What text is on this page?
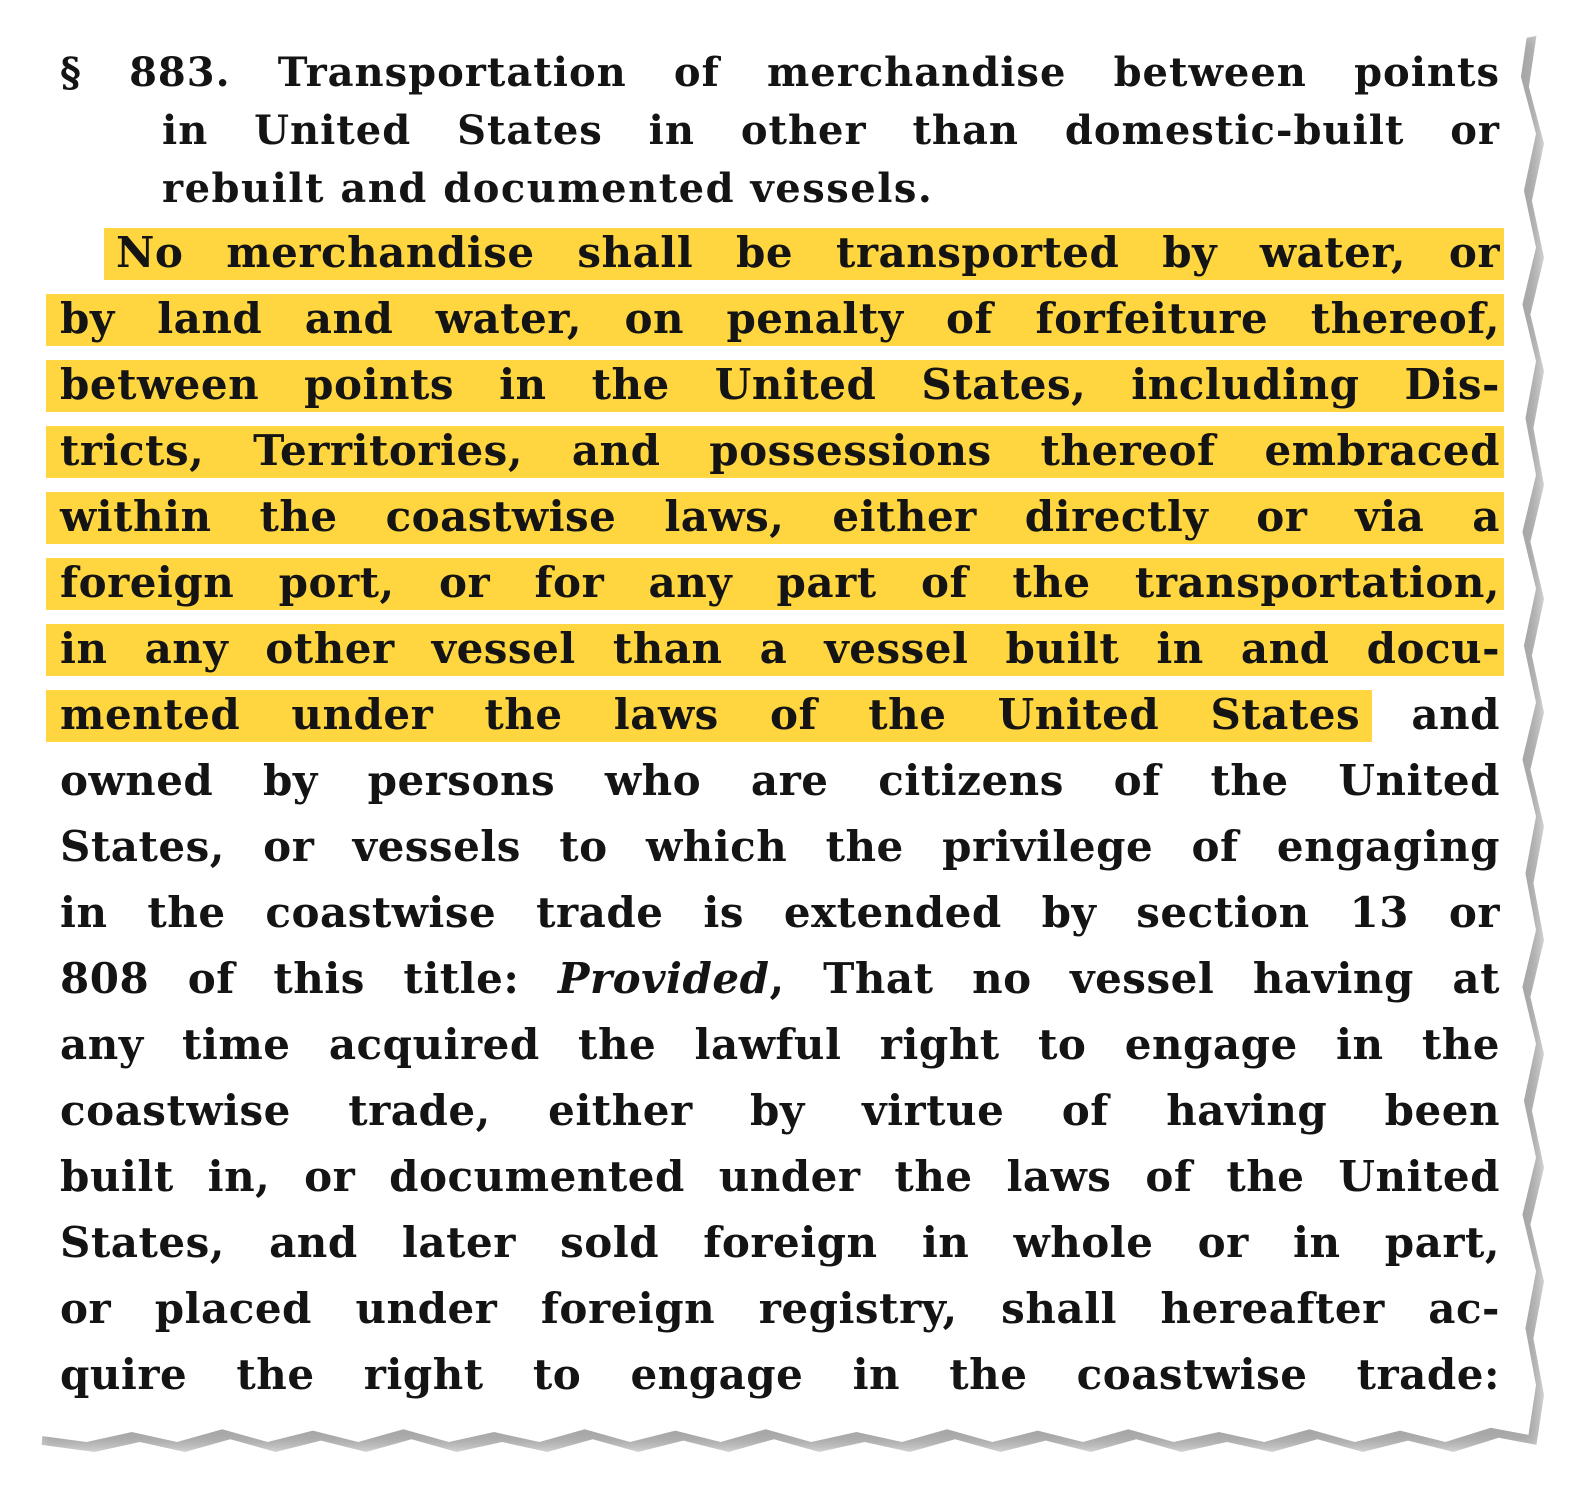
§ 883. Transportation of merchandise between points
in United States in other than domestic-built or
rebuilt and documented vessels.
No merchandise shall be transported by water, or
by land and water, on penalty of forfeiture thereof,
between points in the United States, including Dis-
tricts, Territories, and possessions thereof embraced
within the coastwise laws, either directly or via a
foreign port, or for any part of the transportation,
in any other vessel than a vessel built in and docu-
mented under the laws of the United States and
owned by persons who are citizens of the United
States, or vessels to which the privilege of engaging
in the coastwise trade is extended by section 13 or
808 of this title: Provided, That no vessel having at
any time acquired the lawful right to engage in the
coastwise trade, either by virtue of having been
built in, or documented under the laws of the United
States, and later sold foreign in whole or in part,
or placed under foreign registry, shall hereafter ac-
quire the right to engage in the coastwise trade:
